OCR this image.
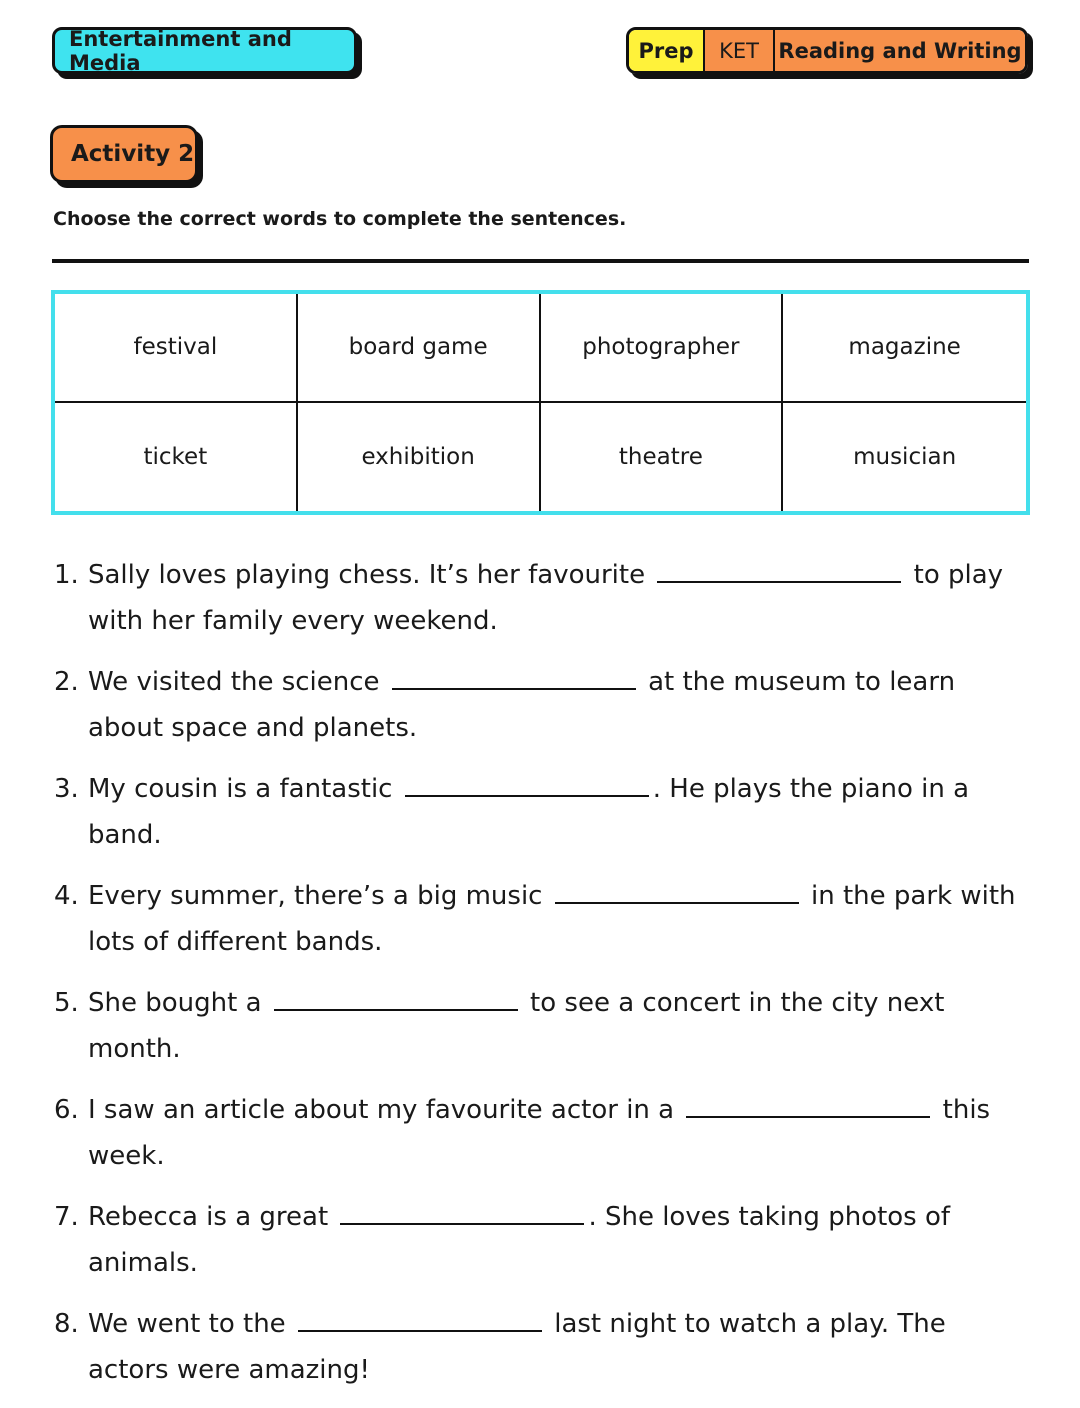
Entertainment and Media	Prep	KET Reading and Writing
Activity 2

Choose the correct words to complete the sentences.

festival	board game	photographer	magazine
ticket	exhibition	theatre	musician
1. Sally loves playing chess. It’s her favourite	to play with her family every weekend.
2. We visited the science	at the museum to learn about space and planets.
3. My cousin is a fantastic	. He plays the piano in a band.
4. Every summer, there’s a big music	in the park with lots of different bands.
5. She bought a	to see a concert in the city next month.
6. I saw an article about my favourite actor in a	this week.
7. Rebecca is a great	. She loves taking photos of animals.
8. We went to the	last night to watch a play. The actors were amazing!
